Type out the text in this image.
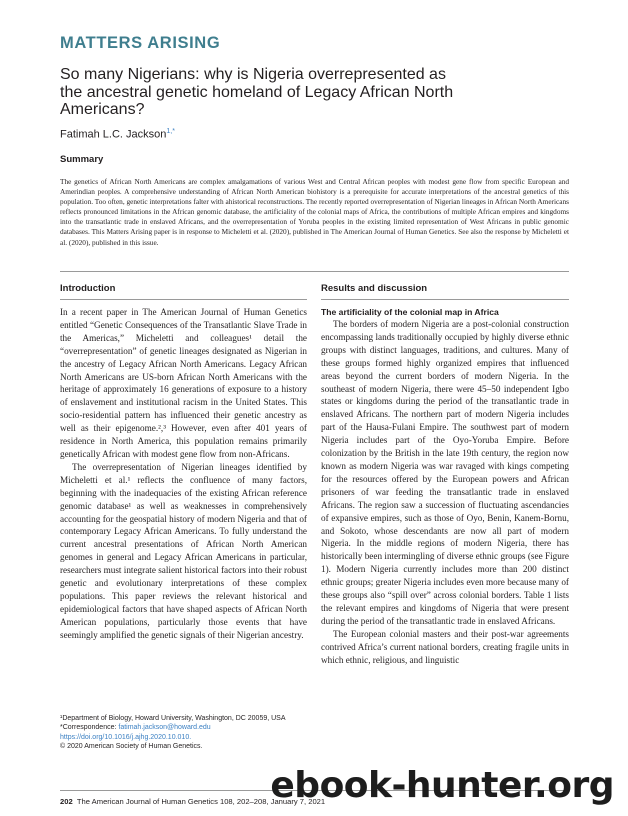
MATTERS ARISING
So many Nigerians: why is Nigeria overrepresented as the ancestral genetic homeland of Legacy African North Americans?
Fatimah L.C. Jackson$^{1,*}$
Summary
The genetics of African North Americans are complex amalgamations of various West and Central African peoples with modest gene flow from specific European and Amerindian peoples. A comprehensive understanding of African North American biohistory is a prerequisite for accurate interpretations of the ancestral genetics of this population. Too often, genetic interpretations falter with ahistorical reconstructions. The recently reported overrepresentation of Nigerian lineages in African North Americans reflects pronounced limitations in the African genomic database, the artificiality of the colonial maps of Africa, the contributions of multiple African empires and kingdoms into the transatlantic trade in enslaved Africans, and the overrepresentation of Yoruba peoples in the existing limited representation of West Africans in public genomic databases. This Matters Arising paper is in response to Micheletti et al. (2020), published in The American Journal of Human Genetics. See also the response by Micheletti et al. (2020), published in this issue.
Introduction

In a recent paper in The American Journal of Human Genetics entitled “Genetic Consequences of the Transatlantic Slave Trade in the Americas,” Micheletti and colleagues¹ detail the “overrepresentation” of genetic lineages designated as Nigerian in the ancestry of Legacy African North Americans. Legacy African North Americans are US-born African North Americans with the heritage of approximately 16 generations of exposure to a history of enslavement and institutional racism in the United States. This socio-residential pattern has influenced their genetic ancestry as well as their epigenome.²,³ However, even after 401 years of residence in North America, this population remains primarily genetically African with modest gene flow from non-Africans.

The overrepresentation of Nigerian lineages identified by Micheletti et al.¹ reflects the confluence of many factors, beginning with the inadequacies of the existing African reference genomic database¹ as well as weaknesses in comprehensively accounting for the geospatial history of modern Nigeria and that of contemporary Legacy African Americans. To fully understand the current ancestral presentations of African North American genomes in general and Legacy African Americans in particular, researchers must integrate salient historical factors into their robust genetic and evolutionary interpretations of these complex populations. This paper reviews the relevant historical and epidemiological factors that have shaped aspects of African North American populations, particularly those events that have seemingly amplified the genetic signals of their Nigerian ancestry.

Results and discussion
The artificiality of the colonial map in Africa

The borders of modern Nigeria are a post-colonial construction encompassing lands traditionally occupied by highly diverse ethnic groups with distinct languages, traditions, and cultures. Many of these groups formed highly organized empires that influenced areas beyond the current borders of modern Nigeria. In the southeast of modern Nigeria, there were 45–50 independent Igbo states or kingdoms during the period of the transatlantic trade in enslaved Africans. The northern part of modern Nigeria includes part of the Hausa-Fulani Empire. The southwest part of modern Nigeria includes part of the Oyo-Yoruba Empire. Before colonization by the British in the late 19th century, the region now known as modern Nigeria was war ravaged with kings competing for the resources offered by the European powers and African prisoners of war feeding the transatlantic trade in enslaved Africans. The region saw a succession of fluctuating ascendancies of expansive empires, such as those of Oyo, Benin, Kanem-Bornu, and Sokoto, whose descendants are now all part of modern Nigeria. In the middle regions of modern Nigeria, there has historically been intermingling of diverse ethnic groups (see Figure 1). Modern Nigeria currently includes more than 200 distinct ethnic groups; greater Nigeria includes even more because many of these groups also “spill over” across colonial borders. Table 1 lists the relevant empires and kingdoms of Nigeria that were present during the period of the transatlantic trade in enslaved Africans.

The European colonial masters and their post-war agreements contrived Africa’s current national borders, creating fragile units in which ethnic, religious, and linguistic

¹Department of Biology, Howard University, Washington, DC 20059, USA
*Correspondence: fatimah.jackson@howard.edu
https://doi.org/10.1016/j.ajhg.2020.10.010.
© 2020 American Society of Human Genetics.
202 The American Journal of Human Genetics 108, 202–208, January 7, 2021
ebook-hunter.org
